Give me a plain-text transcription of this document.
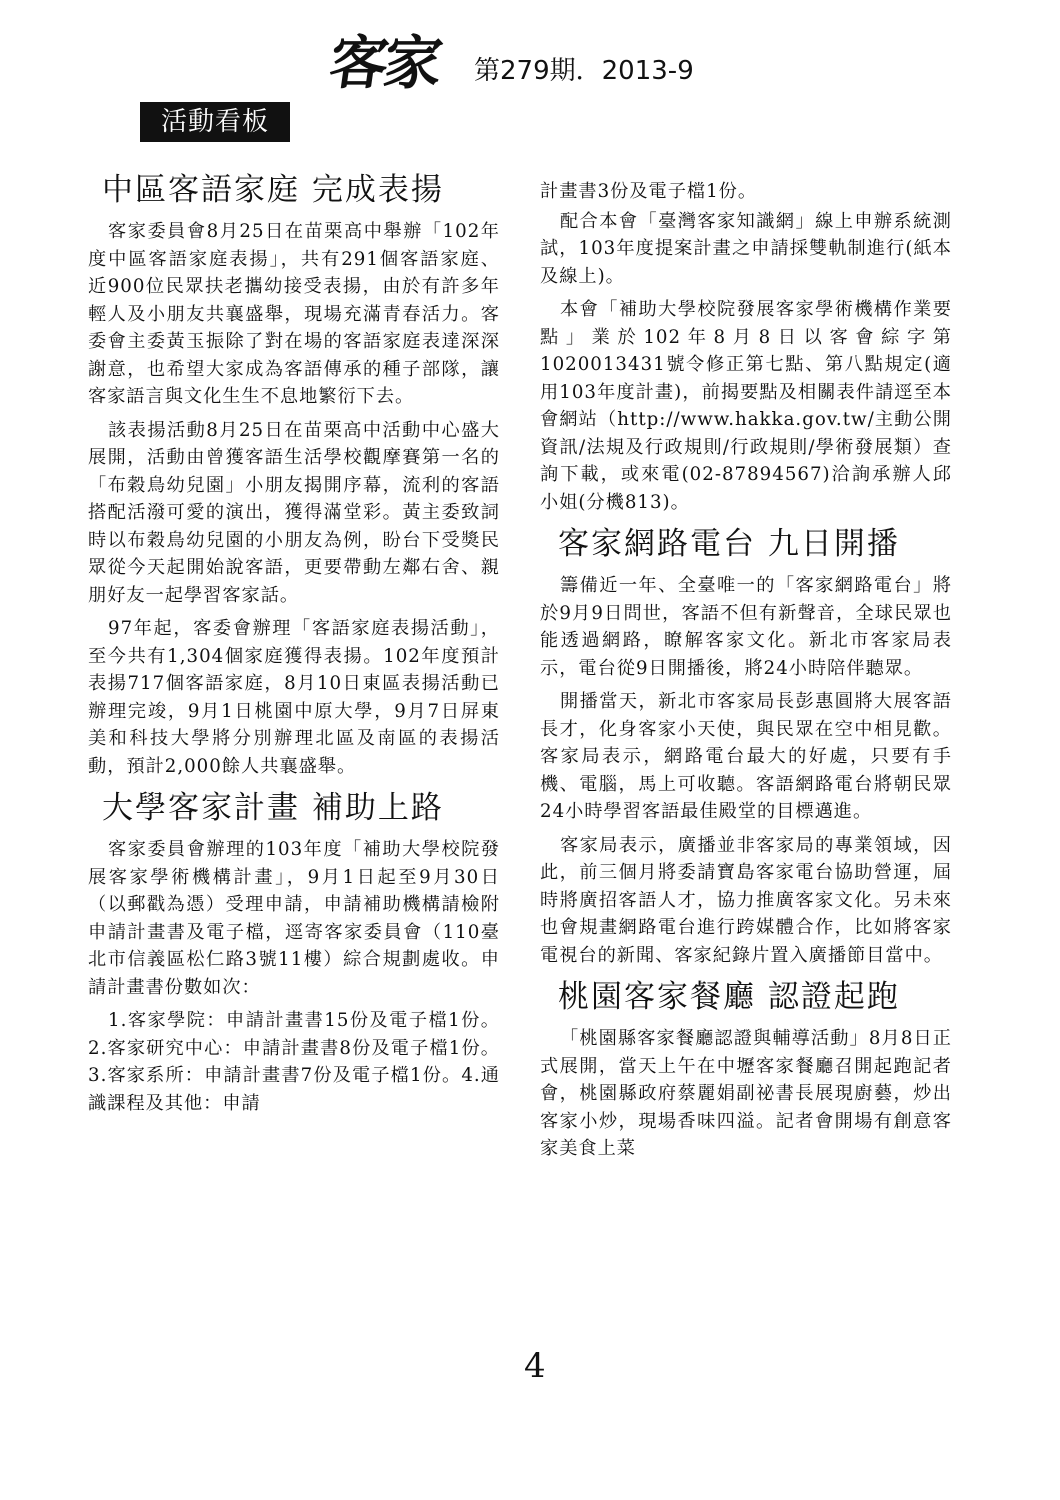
客家 第279期．2013-9
活動看板
中區客語家庭 完成表揚

客家委員會8月25日在苗栗高中舉辦「102年度中區客語家庭表揚」，共有291個客語家庭、近900位民眾扶老攜幼接受表揚，由於有許多年輕人及小朋友共襄盛舉，現場充滿青春活力。客委會主委黃玉振除了對在場的客語家庭表達深深謝意，也希望大家成為客語傳承的種子部隊，讓客家語言與文化生生不息地繁衍下去。

該表揚活動8月25日在苗栗高中活動中心盛大展開，活動由曾獲客語生活學校觀摩賽第一名的「布穀鳥幼兒園」小朋友揭開序幕，流利的客語搭配活潑可愛的演出，獲得滿堂彩。黃主委致詞時以布穀鳥幼兒園的小朋友為例，盼台下受獎民眾從今天起開始說客語，更要帶動左鄰右舍、親朋好友一起學習客家話。

97年起，客委會辦理「客語家庭表揚活動」，至今共有1,304個家庭獲得表揚。102年度預計表揚717個客語家庭，8月10日東區表揚活動已辦理完竣，9月1日桃園中原大學，9月7日屏東美和科技大學將分別辦理北區及南區的表揚活動，預計2,000餘人共襄盛舉。

大學客家計畫 補助上路

客家委員會辦理的103年度「補助大學校院發展客家學術機構計畫」，9月1日起至9月30日（以郵戳為憑）受理申請，申請補助機構請檢附申請計畫書及電子檔，逕寄客家委員會（110臺北市信義區松仁路3號11樓）綜合規劃處收。申請計畫書份數如次：

1.客家學院：申請計畫書15份及電子檔1份。2.客家研究中心：申請計畫書8份及電子檔1份。3.客家系所：申請計畫書7份及電子檔1份。4.通識課程及其他：申請

計畫書3份及電子檔1份。

配合本會「臺灣客家知識網」線上申辦系統測試，103年度提案計畫之申請採雙軌制進行(紙本及線上)。

本會「補助大學校院發展客家學術機構作業要點」業於102年8月8日以客會綜字第1020013431號令修正第七點、第八點規定(適用103年度計畫)，前揭要點及相關表件請逕至本會網站（http://www.hakka.gov.tw/主動公開資訊/法規及行政規則/行政規則/學術發展類）查詢下載，或來電(02-87894567)洽詢承辦人邱小姐(分機813)。

客家網路電台 九日開播

籌備近一年、全臺唯一的「客家網路電台」將於9月9日問世，客語不但有新聲音，全球民眾也能透過網路，瞭解客家文化。新北市客家局表示，電台從9日開播後，將24小時陪伴聽眾。

開播當天，新北市客家局長彭惠圓將大展客語長才，化身客家小天使，與民眾在空中相見歡。客家局表示，網路電台最大的好處，只要有手機、電腦，馬上可收聽。客語網路電台將朝民眾24小時學習客語最佳殿堂的目標邁進。

客家局表示，廣播並非客家局的專業領域，因此，前三個月將委請寶島客家電台協助營運，屆時將廣招客語人才，協力推廣客家文化。另未來也會規畫網路電台進行跨媒體合作，比如將客家電視台的新聞、客家紀錄片置入廣播節目當中。

桃園客家餐廳 認證起跑

「桃園縣客家餐廳認證與輔導活動」8月8日正式展開，當天上午在中壢客家餐廳召開起跑記者會，桃園縣政府蔡麗娟副祕書長展現廚藝，炒出客家小炒，現場香味四溢。記者會開場有創意客家美食上菜

4
